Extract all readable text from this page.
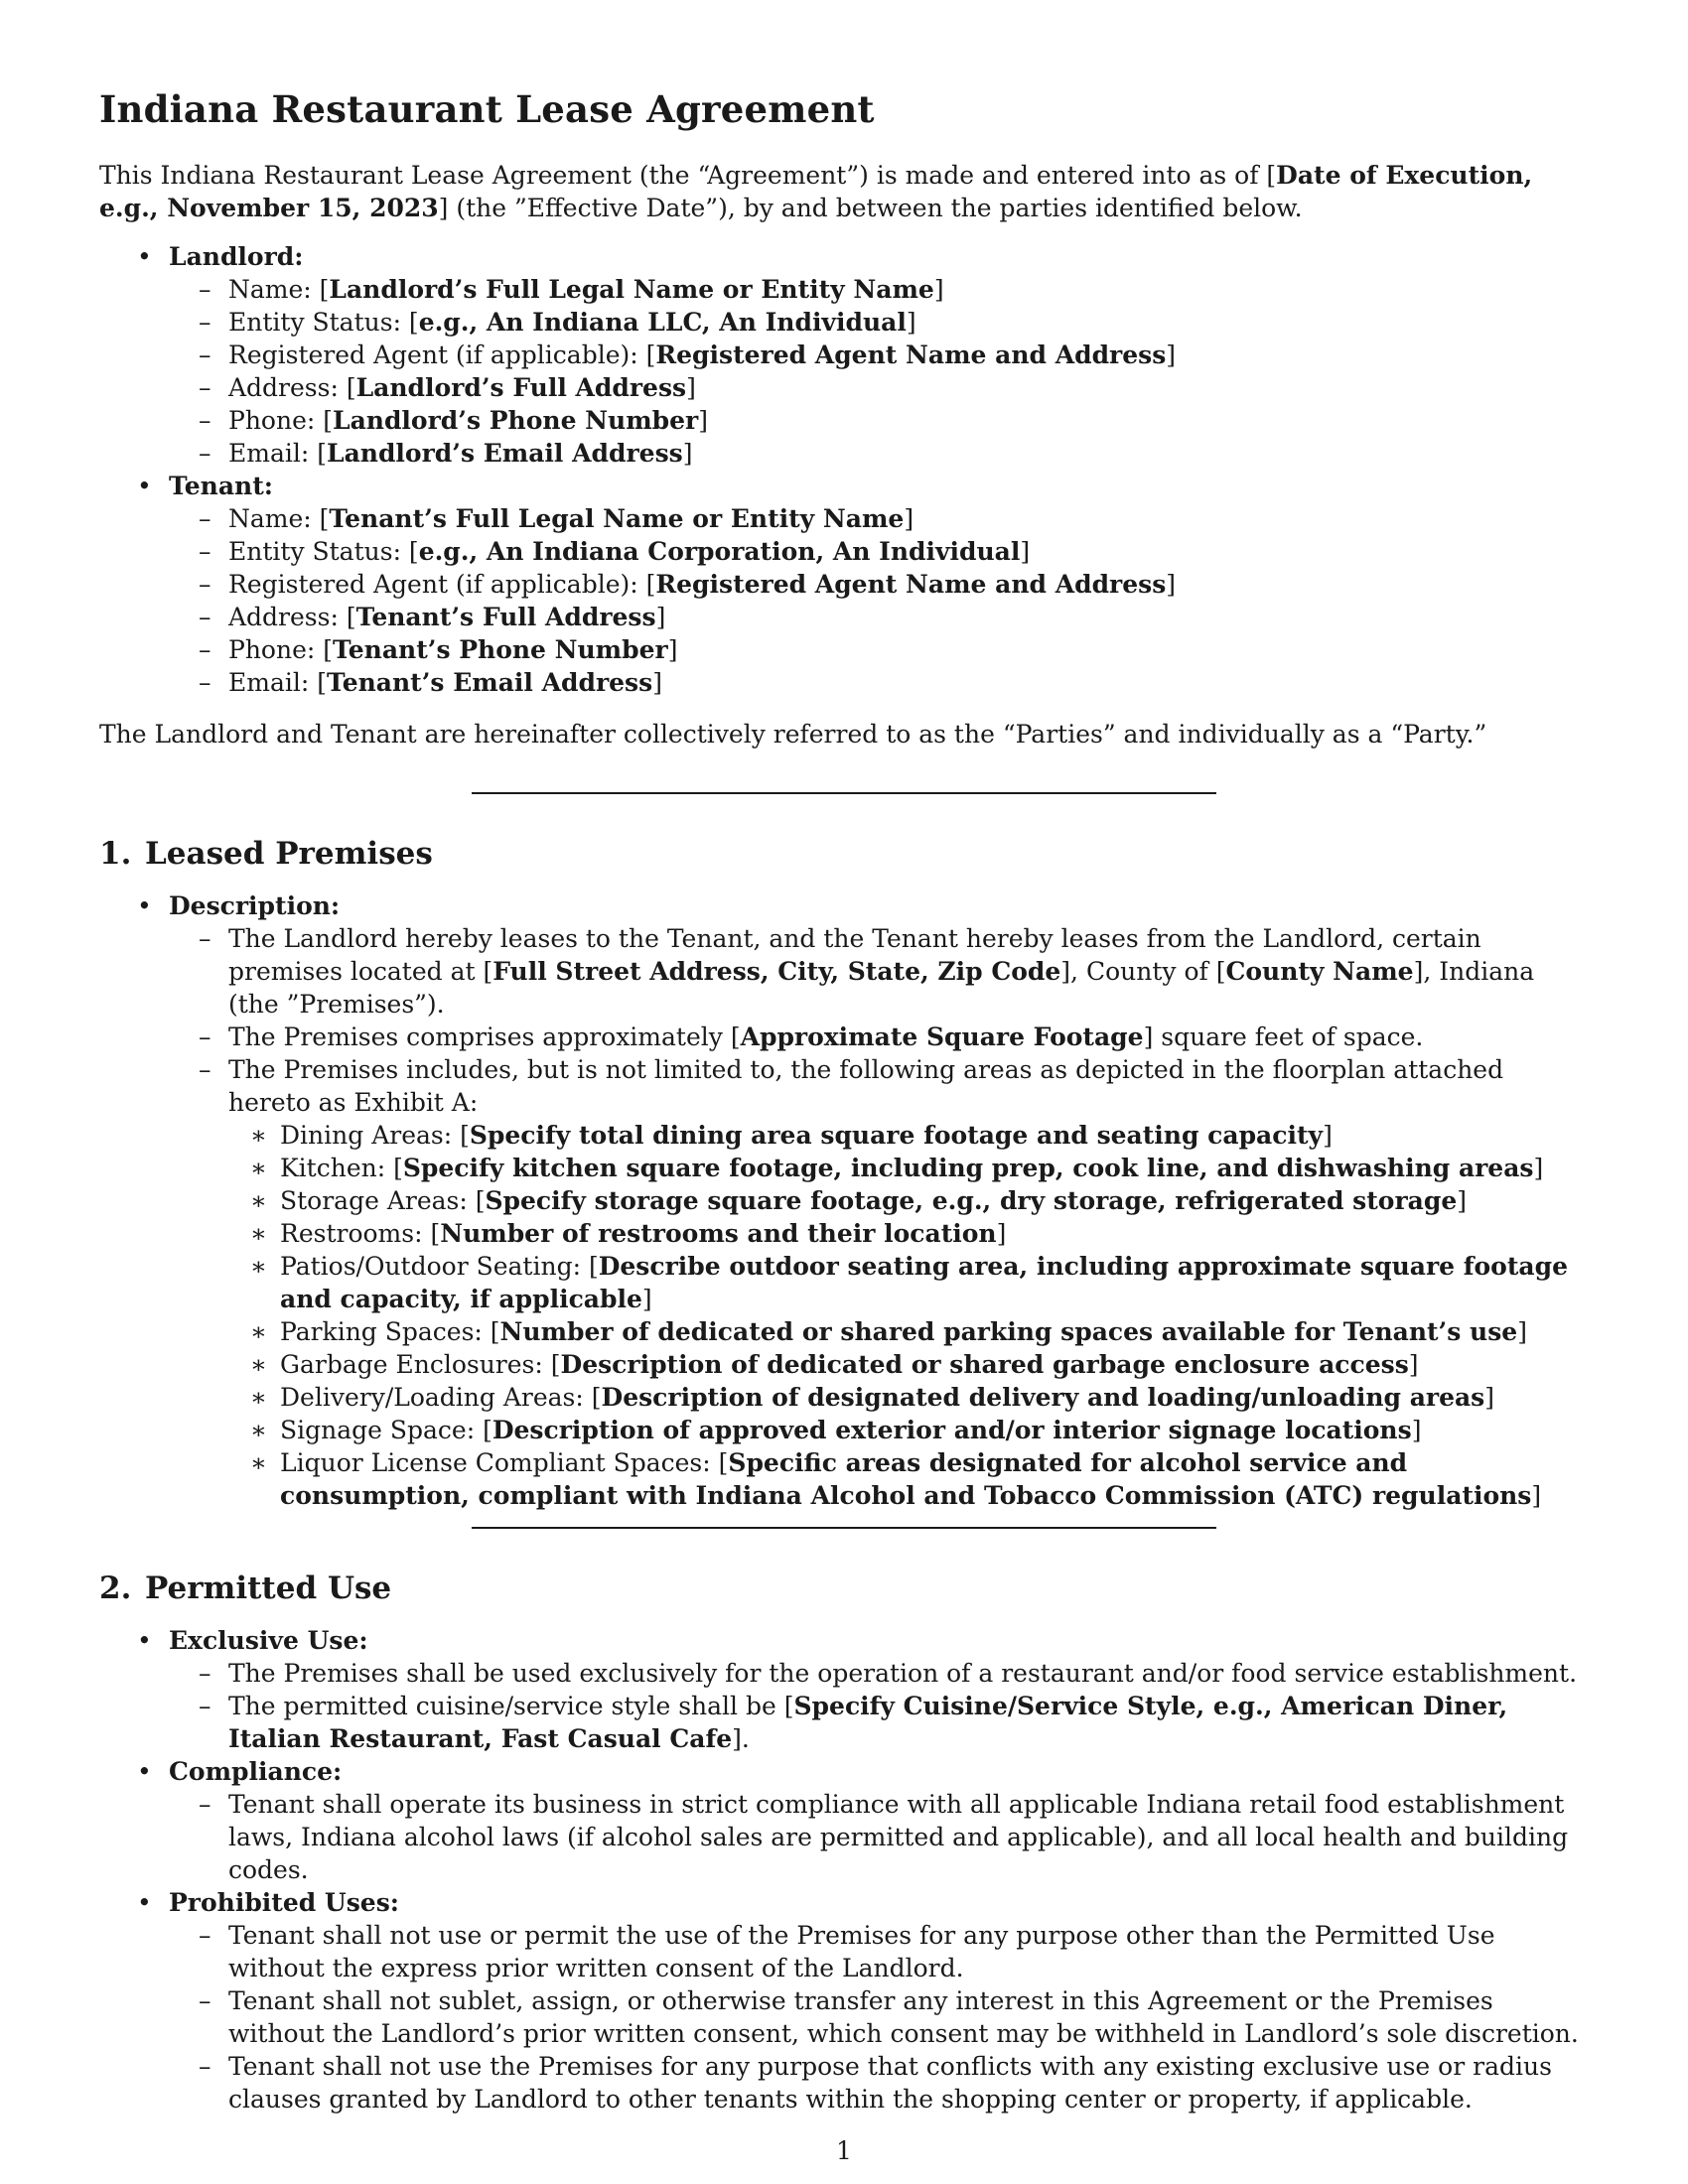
Indiana Restaurant Lease Agreement

This Indiana Restaurant Lease Agreement (the “Agreement”) is made and entered into as of [Date of Execution, e.g., November 15, 2023] (the ”Effective Date”), by and between the parties identified below.

• Landlord:
– Name: [Landlord’s Full Legal Name or Entity Name]
– Entity Status: [e.g., An Indiana LLC, An Individual]
– Registered Agent (if applicable): [Registered Agent Name and Address]
– Address: [Landlord’s Full Address]
– Phone: [Landlord’s Phone Number]
– Email: [Landlord’s Email Address]
• Tenant:
– Name: [Tenant’s Full Legal Name or Entity Name]
– Entity Status: [e.g., An Indiana Corporation, An Individual]
– Registered Agent (if applicable): [Registered Agent Name and Address]
– Address: [Tenant’s Full Address]
– Phone: [Tenant’s Phone Number]
– Email: [Tenant’s Email Address]

The Landlord and Tenant are hereinafter collectively referred to as the “Parties” and individually as a “Party.”

1. Leased Premises
• Description:
– The Landlord hereby leases to the Tenant, and the Tenant hereby leases from the Landlord, certain premises located at [Full Street Address, City, State, Zip Code], County of [County Name], Indiana (the ”Premises”).
– The Premises comprises approximately [Approximate Square Footage] square feet of space.
– The Premises includes, but is not limited to, the following areas as depicted in the floorplan attached hereto as Exhibit A:
∗ Dining Areas: [Specify total dining area square footage and seating capacity]
∗ Kitchen: [Specify kitchen square footage, including prep, cook line, and dishwashing areas]
∗ Storage Areas: [Specify storage square footage, e.g., dry storage, refrigerated storage]
∗ Restrooms: [Number of restrooms and their location]
∗ Patios/Outdoor Seating: [Describe outdoor seating area, including approximate square footage and capacity, if applicable]
∗ Parking Spaces: [Number of dedicated or shared parking spaces available for Tenant’s use]
∗ Garbage Enclosures: [Description of dedicated or shared garbage enclosure access]
∗ Delivery/Loading Areas: [Description of designated delivery and loading/unloading areas]
∗ Signage Space: [Description of approved exterior and/or interior signage locations]
∗ Liquor License Compliant Spaces: [Specific areas designated for alcohol service and consumption, compliant with Indiana Alcohol and Tobacco Commission (ATC) regulations]
2. Permitted Use
• Exclusive Use:
– The Premises shall be used exclusively for the operation of a restaurant and/or food service establishment.
– The permitted cuisine/service style shall be [Specify Cuisine/Service Style, e.g., American Diner, Italian Restaurant, Fast Casual Cafe].
• Compliance:
– Tenant shall operate its business in strict compliance with all applicable Indiana retail food establishment laws, Indiana alcohol laws (if alcohol sales are permitted and applicable), and all local health and building codes.
• Prohibited Uses:
– Tenant shall not use or permit the use of the Premises for any purpose other than the Permitted Use without the express prior written consent of the Landlord.
– Tenant shall not sublet, assign, or otherwise transfer any interest in this Agreement or the Premises without the Landlord’s prior written consent, which consent may be withheld in Landlord’s sole discretion.
– Tenant shall not use the Premises for any purpose that conflicts with any existing exclusive use or radius clauses granted by Landlord to other tenants within the shopping center or property, if applicable.
1
